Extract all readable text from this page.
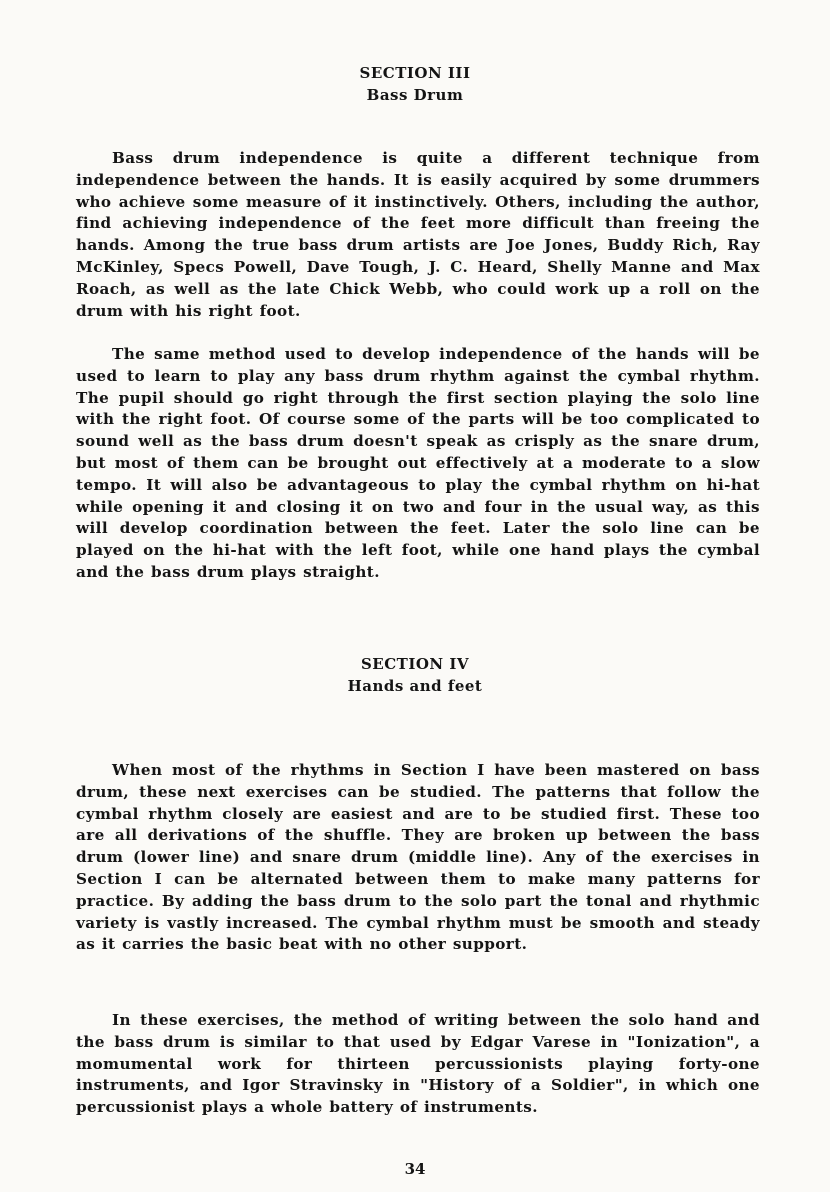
SECTION III
Bass Drum

Bass drum independence is quite a different technique from independence between the hands. It is easily acquired by some drummers who achieve some measure of it instinctively. Others, including the author, find achieving independence of the feet more difficult than freeing the hands. Among the true bass drum artists are Joe Jones, Buddy Rich, Ray McKinley, Specs Powell, Dave Tough, J. C. Heard, Shelly Manne and Max Roach, as well as the late Chick Webb, who could work up a roll on the drum with his right foot.

The same method used to develop independence of the hands will be used to learn to play any bass drum rhythm against the cymbal rhythm. The pupil should go right through the first section playing the solo line with the right foot. Of course some of the parts will be too complicated to sound well as the bass drum doesn't speak as crisply as the snare drum, but most of them can be brought out effectively at a moderate to a slow tempo. It will also be advantageous to play the cymbal rhythm on hi-hat while opening it and closing it on two and four in the usual way, as this will develop coordination between the feet. Later the solo line can be played on the hi-hat with the left foot, while one hand plays the cymbal and the bass drum plays straight.

SECTION IV
Hands and feet

When most of the rhythms in Section I have been mastered on bass drum, these next exercises can be studied. The patterns that follow the cymbal rhythm closely are easiest and are to be studied first. These too are all derivations of the shuffle. They are broken up between the bass drum (lower line) and snare drum (middle line). Any of the exercises in Section I can be alternated between them to make many patterns for practice. By adding the bass drum to the solo part the tonal and rhythmic variety is vastly increased. The cymbal rhythm must be smooth and steady as it carries the basic beat with no other support.

In these exercises, the method of writing between the solo hand and the bass drum is similar to that used by Edgar Varese in "Ionization", a momumental work for thirteen percussionists playing forty-one instruments, and Igor Stravinsky in "History of a Soldier", in which one percussionist plays a whole battery of instruments.

34
